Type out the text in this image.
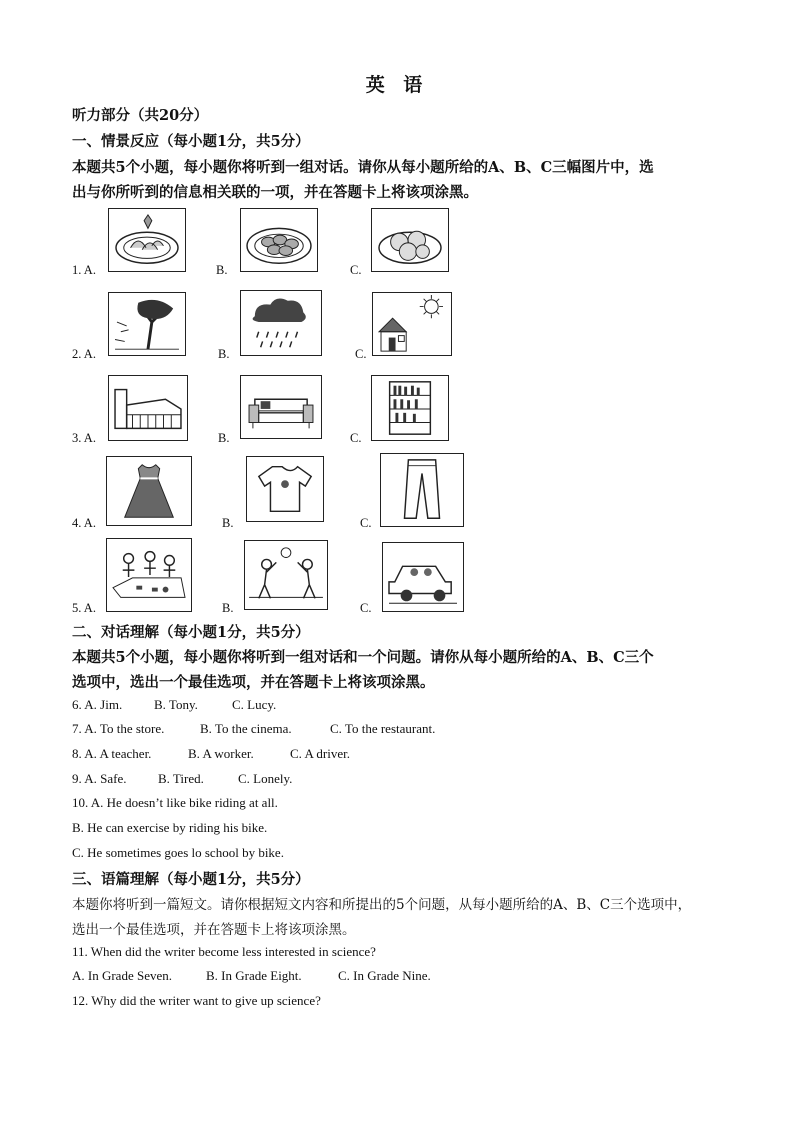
英 语
听力部分（共20分）
一、情景反应（每小题1分，共5分）
本题共5个小题，每小题你将听到一组对话。请你从每小题所给的A、B、C三幅图片中，选
出与你所听到的信息相关联的一项，并在答题卡上将该项涂黑。
1. A.	B.	C.
2. A.	B.	C.
3. A.	B.	C.
4. A.	B.	C.
5. A.	B.	C.
二、对话理解（每小题1分，共5分）
本题共5个小题，每小题你将听到一组对话和一个问题。请你从每小题所给的A、B、C三个
选项中，选出一个最佳选项，并在答题卡上将该项涂黑。
6. A. Jim. B. Tony.	C. Lucy.
7. A. To the store.	B. To the cinema.	C. To the restaurant.
8. A. A teacher.	B. A worker.	C. A driver.
9. A. Safe. B. Tired.	C. Lonely.
10. A. He doesn’t like bike riding at all.
B. He can exercise by riding his bike.
C. He sometimes goes lo school by bike.
三、语篇理解（每小题1分，共5分）
本题你将听到一篇短文。请你根据短文内容和所提出的5个问题，从每小题所给的A、B、C三个选项中，
选出一个最佳选项，并在答题卡上将该项涂黑。
11. When did the writer become less interested in science?
A. In Grade Seven.	B. In Grade Eight.	C. In Grade Nine.
12. Why did the writer want to give up science?
